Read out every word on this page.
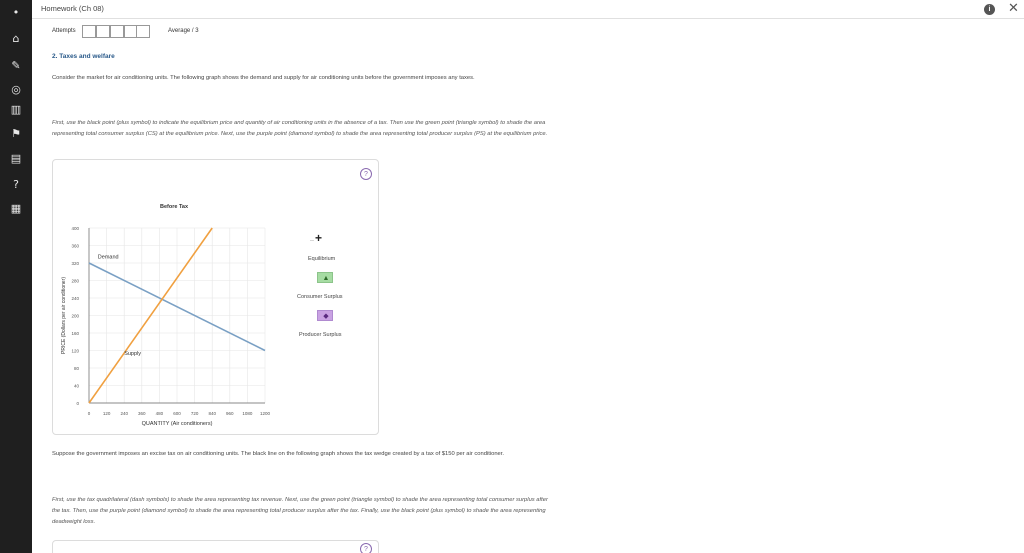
•
⌂
✎
◎
▥
⚑
▤
?
▦
Homework (Ch 08)	i	✕
Attempts	Average / 3
2. Taxes and welfare
Consider the market for air conditioning units. The following graph shows the demand and supply for air conditioning units before the government imposes any taxes.
First, use the black point (plus symbol) to indicate the equilibrium price and quantity of air conditioning units in the absence of a tax. Then use the green point (triangle symbol) to shade the area representing total consumer surplus (CS) at the equilibrium price. Next, use the purple point (diamond symbol) to shade the area representing total producer surplus (PS) at the equilibrium price.
?
Before Tax
0
40
80
120
160
200
240
280
320
360
400
0	120 240 360 480 600 720 840 960 1080 1200
QUANTITY (Air conditioners)
PRICE (Dollars per air conditioner)
Demand
Supply
+
··
Equilibrium
▲
Consumer Surplus
◆
Producer Surplus
Suppose the government imposes an excise tax on air conditioning units. The black line on the following graph shows the tax wedge created by a tax of $150 per air conditioner.
First, use the tax quadrilateral (dash symbols) to shade the area representing tax revenue. Next, use the green point (triangle symbol) to shade the area representing total consumer surplus after the tax. Then, use the purple point (diamond symbol) to shade the area representing total producer surplus after the tax. Finally, use the black point (plus symbol) to shade the area representing deadweight loss.
?
